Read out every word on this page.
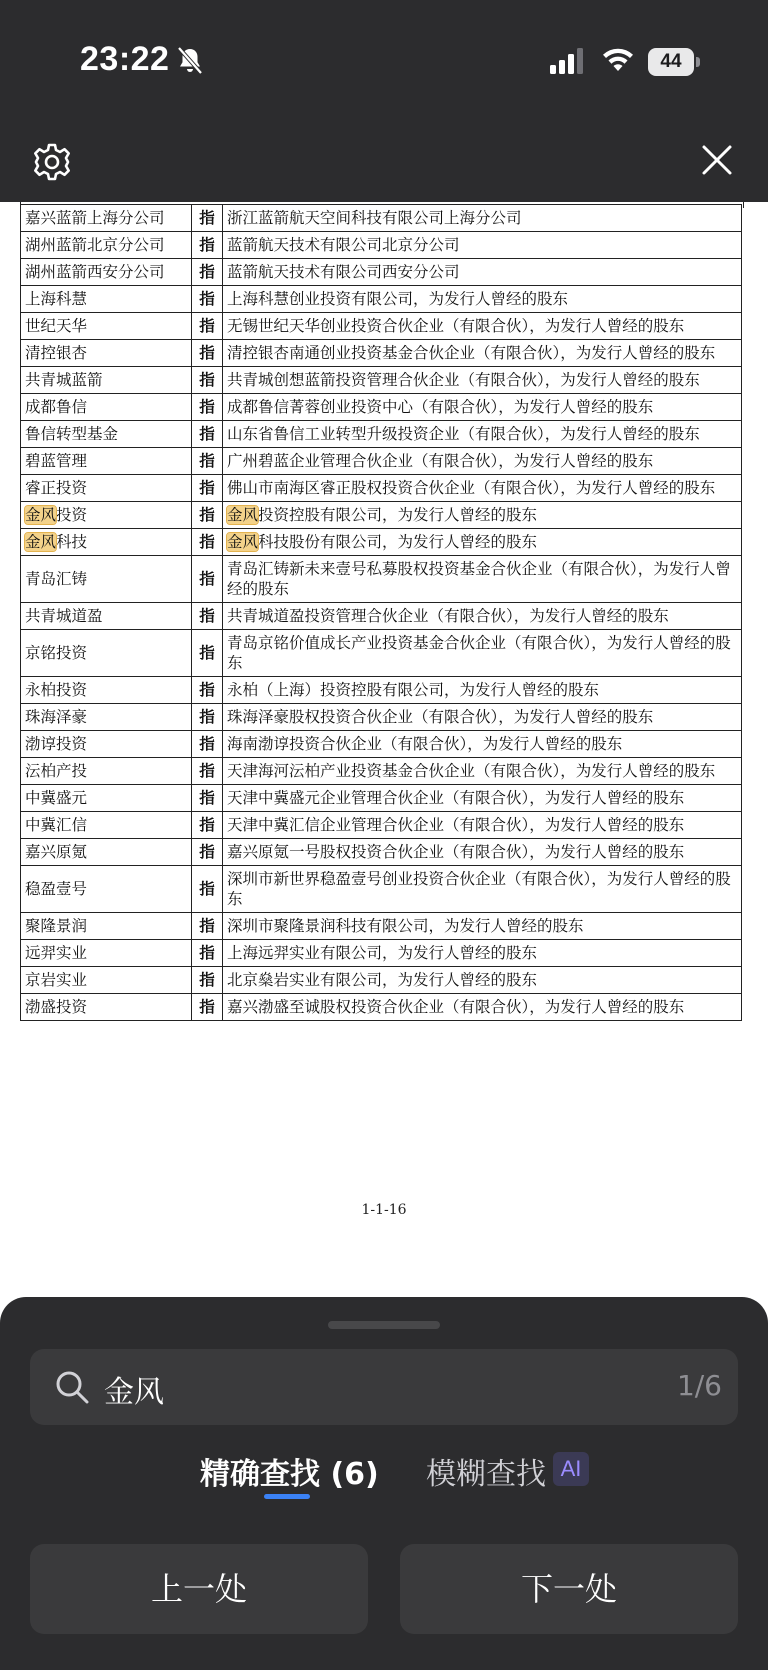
嘉兴蓝箭上海分公司	指	浙江蓝箭航天空间科技有限公司上海分公司
湖州蓝箭北京分公司	指	蓝箭航天技术有限公司北京分公司
湖州蓝箭西安分公司	指	蓝箭航天技术有限公司西安分公司
上海科慧	指	上海科慧创业投资有限公司，为发行人曾经的股东
世纪天华	指	无锡世纪天华创业投资合伙企业（有限合伙），为发行人曾经的股东
清控银杏	指	清控银杏南通创业投资基金合伙企业（有限合伙），为发行人曾经的股东
共青城蓝箭	指	共青城创想蓝箭投资管理合伙企业（有限合伙），为发行人曾经的股东
成都鲁信	指	成都鲁信菁蓉创业投资中心（有限合伙），为发行人曾经的股东
鲁信转型基金	指	山东省鲁信工业转型升级投资企业（有限合伙），为发行人曾经的股东
碧蓝管理	指	广州碧蓝企业管理合伙企业（有限合伙），为发行人曾经的股东
睿正投资	指	佛山市南海区睿正股权投资合伙企业（有限合伙），为发行人曾经的股东
金风投资	指	金风投资控股有限公司，为发行人曾经的股东
金风科技	指	金风科技股份有限公司，为发行人曾经的股东
青岛汇铸	指	青岛汇铸新未来壹号私募股权投资基金合伙企业（有限合伙），为发行人曾经的股东
共青城道盈	指	共青城道盈投资管理合伙企业（有限合伙），为发行人曾经的股东
京铭投资	指	青岛京铭价值成长产业投资基金合伙企业（有限合伙），为发行人曾经的股东
永柏投资	指	永柏（上海）投资控股有限公司，为发行人曾经的股东
珠海泽豪	指	珠海泽豪股权投资合伙企业（有限合伙），为发行人曾经的股东
渤谆投资	指	海南渤谆投资合伙企业（有限合伙），为发行人曾经的股东
沄柏产投	指	天津海河沄柏产业投资基金合伙企业（有限合伙），为发行人曾经的股东
中冀盛元	指	天津中冀盛元企业管理合伙企业（有限合伙），为发行人曾经的股东
中冀汇信	指	天津中冀汇信企业管理合伙企业（有限合伙），为发行人曾经的股东
嘉兴原氪	指	嘉兴原氪一号股权投资合伙企业（有限合伙），为发行人曾经的股东
稳盈壹号	指	深圳市新世界稳盈壹号创业投资合伙企业（有限合伙），为发行人曾经的股东
聚隆景润	指	深圳市聚隆景润科技有限公司，为发行人曾经的股东
远羿实业	指	上海远羿实业有限公司，为发行人曾经的股东
京岩实业	指	北京燊岩实业有限公司，为发行人曾经的股东
渤盛投资	指	嘉兴渤盛至诚股权投资合伙企业（有限合伙），为发行人曾经的股东
1-1-16
23:22	44
金风	1/6
精确查找 (6) 模糊查找 AI
上一处	下一处
